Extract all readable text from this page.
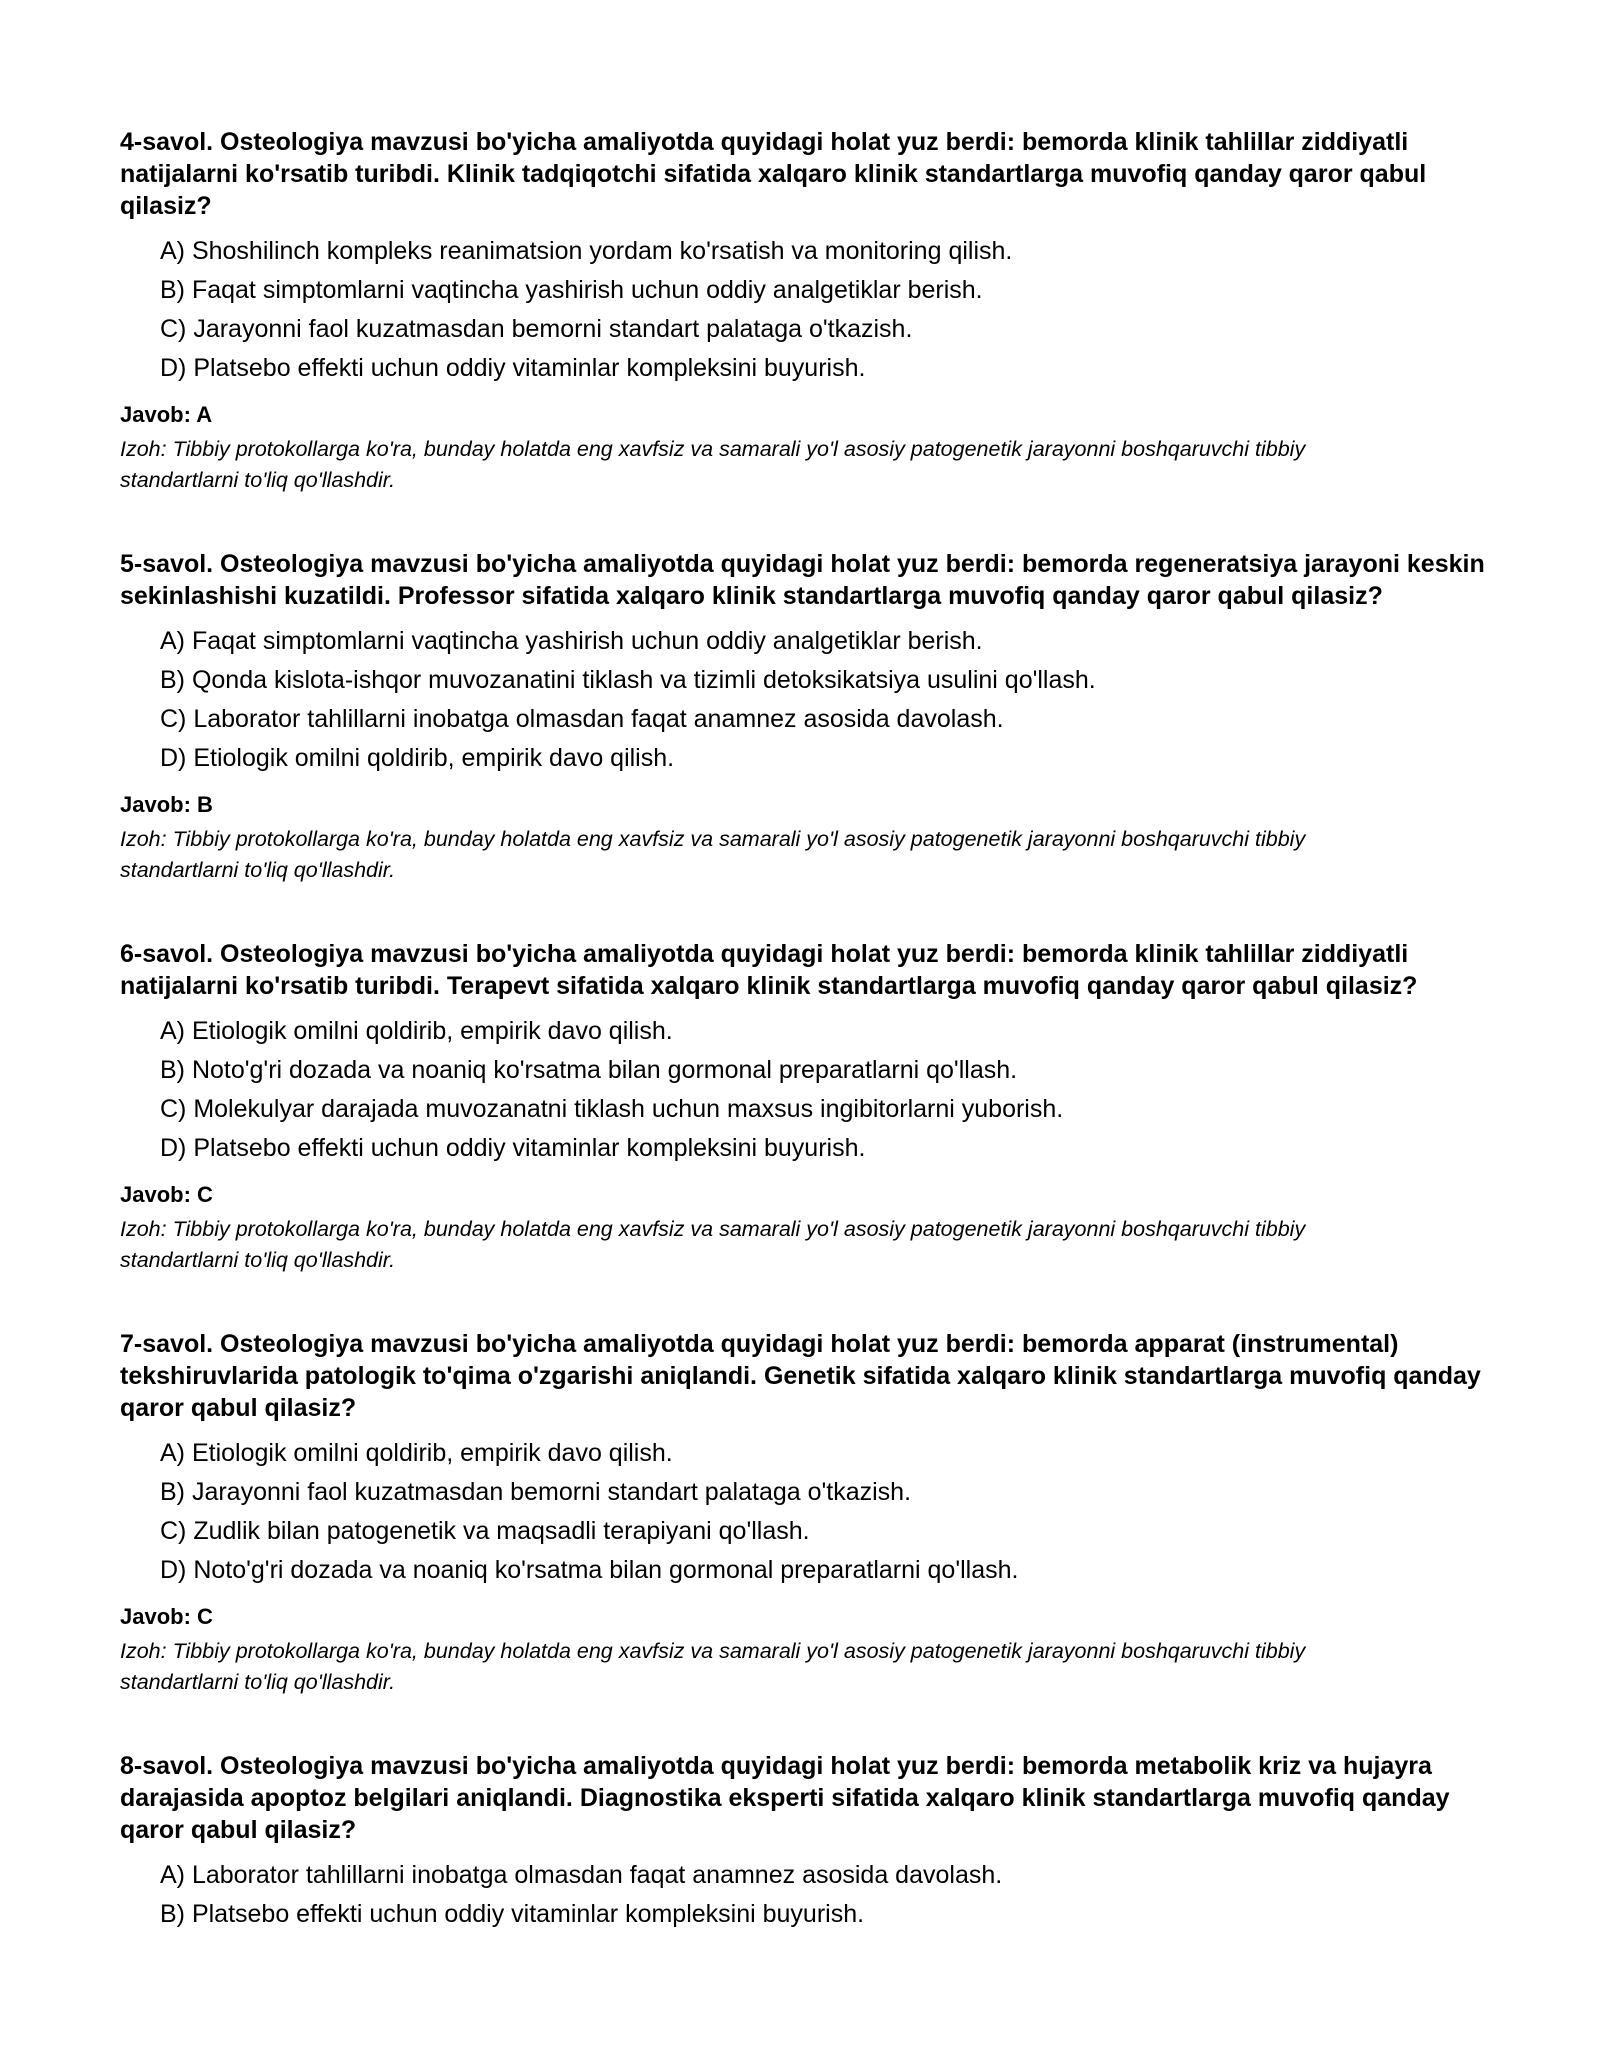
4-savol. Osteologiya mavzusi bo'yicha amaliyotda quyidagi holat yuz berdi: bemorda klinik tahlillar ziddiyatli natijalarni ko'rsatib turibdi. Klinik tadqiqotchi sifatida xalqaro klinik standartlarga muvofiq qanday qaror qabul qilasiz?

A) Shoshilinch kompleks reanimatsion yordam ko'rsatish va monitoring qilish.
B) Faqat simptomlarni vaqtincha yashirish uchun oddiy analgetiklar berish.
C) Jarayonni faol kuzatmasdan bemorni standart palataga o'tkazish.
D) Platsebo effekti uchun oddiy vitaminlar kompleksini buyurish.

Javob: A

Izoh: Tibbiy protokollarga ko'ra, bunday holatda eng xavfsiz va samarali yo'l asosiy patogenetik jarayonni boshqaruvchi tibbiy standartlarni to'liq qo'llashdir.

5-savol. Osteologiya mavzusi bo'yicha amaliyotda quyidagi holat yuz berdi: bemorda regeneratsiya jarayoni keskin sekinlashishi kuzatildi. Professor sifatida xalqaro klinik standartlarga muvofiq qanday qaror qabul qilasiz?

A) Faqat simptomlarni vaqtincha yashirish uchun oddiy analgetiklar berish.
B) Qonda kislota-ishqor muvozanatini tiklash va tizimli detoksikatsiya usulini qo'llash.
C) Laborator tahlillarni inobatga olmasdan faqat anamnez asosida davolash.
D) Etiologik omilni qoldirib, empirik davo qilish.

Javob: B

Izoh: Tibbiy protokollarga ko'ra, bunday holatda eng xavfsiz va samarali yo'l asosiy patogenetik jarayonni boshqaruvchi tibbiy standartlarni to'liq qo'llashdir.

6-savol. Osteologiya mavzusi bo'yicha amaliyotda quyidagi holat yuz berdi: bemorda klinik tahlillar ziddiyatli natijalarni ko'rsatib turibdi. Terapevt sifatida xalqaro klinik standartlarga muvofiq qanday qaror qabul qilasiz?

A) Etiologik omilni qoldirib, empirik davo qilish.
B) Noto'g'ri dozada va noaniq ko'rsatma bilan gormonal preparatlarni qo'llash.
C) Molekulyar darajada muvozanatni tiklash uchun maxsus ingibitorlarni yuborish.
D) Platsebo effekti uchun oddiy vitaminlar kompleksini buyurish.

Javob: C

Izoh: Tibbiy protokollarga ko'ra, bunday holatda eng xavfsiz va samarali yo'l asosiy patogenetik jarayonni boshqaruvchi tibbiy standartlarni to'liq qo'llashdir.

7-savol. Osteologiya mavzusi bo'yicha amaliyotda quyidagi holat yuz berdi: bemorda apparat (instrumental) tekshiruvlarida patologik to'qima o'zgarishi aniqlandi. Genetik sifatida xalqaro klinik standartlarga muvofiq qanday qaror qabul qilasiz?

A) Etiologik omilni qoldirib, empirik davo qilish.
B) Jarayonni faol kuzatmasdan bemorni standart palataga o'tkazish.
C) Zudlik bilan patogenetik va maqsadli terapiyani qo'llash.
D) Noto'g'ri dozada va noaniq ko'rsatma bilan gormonal preparatlarni qo'llash.

Javob: C

Izoh: Tibbiy protokollarga ko'ra, bunday holatda eng xavfsiz va samarali yo'l asosiy patogenetik jarayonni boshqaruvchi tibbiy standartlarni to'liq qo'llashdir.

8-savol. Osteologiya mavzusi bo'yicha amaliyotda quyidagi holat yuz berdi: bemorda metabolik kriz va hujayra darajasida apoptoz belgilari aniqlandi. Diagnostika eksperti sifatida xalqaro klinik standartlarga muvofiq qanday qaror qabul qilasiz?

A) Laborator tahlillarni inobatga olmasdan faqat anamnez asosida davolash.
B) Platsebo effekti uchun oddiy vitaminlar kompleksini buyurish.
